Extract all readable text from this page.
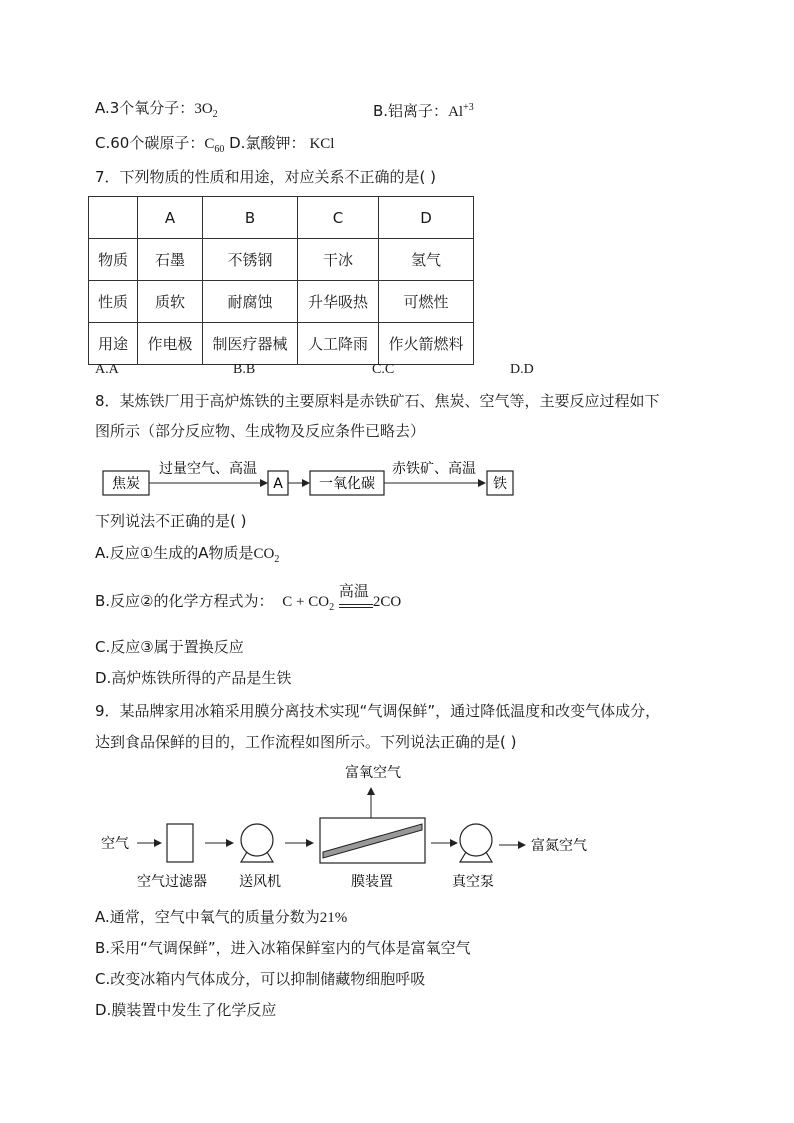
A.3个氧分子：$3O_2$	B.铝离子：$Al^{+3}$
C.60个碳原子：$C_{60}$ D.氯酸钾： KCl
7．下列物质的性质和用途，对应关系不正确的是( )
	A	B	C	D
物质	石墨	不锈钢	干冰	氢气
性质	质软	耐腐蚀	升华吸热	可燃性
用途	作电极	制医疗器械	人工降雨	作火箭燃料
A.A	B.B	C.C	D.D
8．某炼铁厂用于高炉炼铁的主要原料是赤铁矿石、焦炭、空气等，主要反应过程如下
图所示（部分反应物、生成物及反应条件已略去）
焦炭
过量空气、高温
A	一氧化碳
赤铁矿、高温
铁
下列说法不正确的是( )
A.反应①生成的A物质是$CO_2$
B.反应②的化学方程式为： $C + CO_2$
高温
2CO
C.反应③属于置换反应
D.高炉炼铁所得的产品是生铁
9．某品牌家用冰箱采用膜分离技术实现“气调保鲜”，通过降低温度和改变气体成分，
达到食品保鲜的目的，工作流程如图所示。下列说法正确的是( )
富氧空气
空气
空气过滤器 送风机	膜装置	真空泵
富氮空气
A.通常，空气中氧气的质量分数为21%
B.采用“气调保鲜”，进入冰箱保鲜室内的气体是富氧空气
C.改变冰箱内气体成分，可以抑制储藏物细胞呼吸
D.膜装置中发生了化学反应
